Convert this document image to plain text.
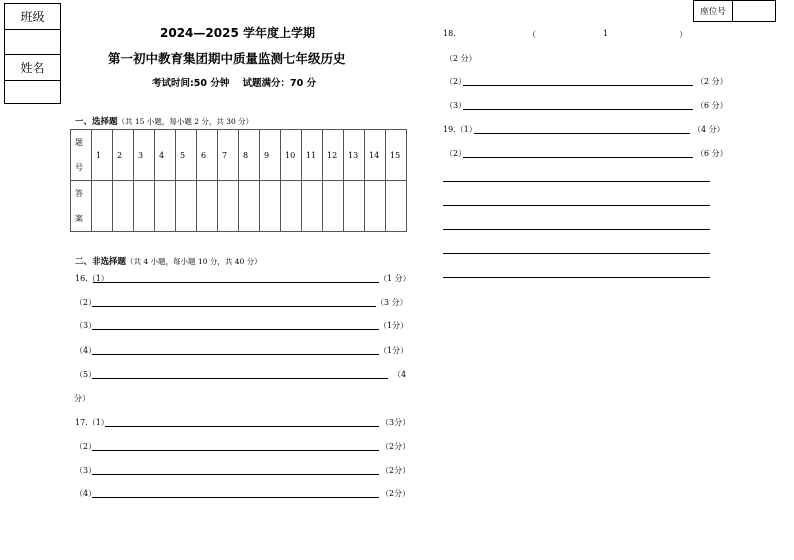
班级
姓名
座位号
2024—2025 学年度上学期
第一初中教育集团期中质量监测七年级历史
考试时间:50 分钟    试题满分：70 分
一、选择题（共 15 小题，每小题 2 分，共 30 分）
题
号	1	2	3	4	5	6	7	8	9	10	11	12	13	14	15
答
案															
二、非选择题（共 4 小题，每小题 10 分，共 40 分）
16.（1）	（1 分）
（2）	（3 分）
（3）	（1分）
（4）	（1分）
（5）	（4
分）
17.（1）	（3分）
（2）	（2分）
（3）	（2分）
（4）	（2分）
18.	（	1	）
（2 分）
（2）	（2 分）
（3）	（6 分）
19.（1）	（4 分）
（2）	（6 分）
